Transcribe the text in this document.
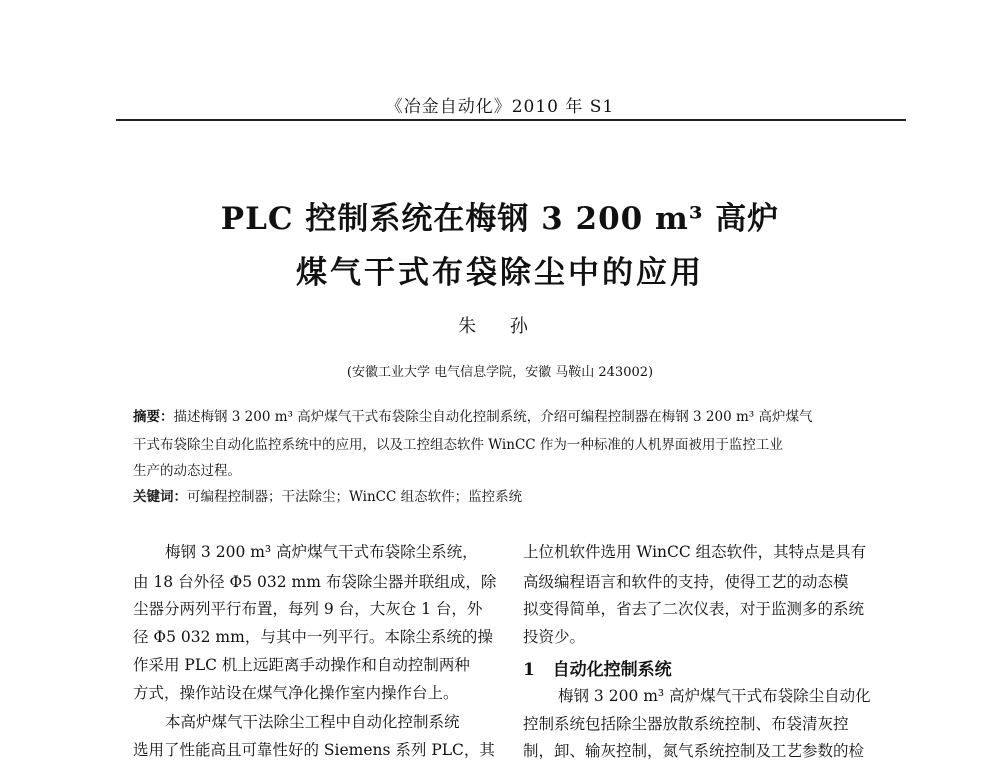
《冶金自动化》2010 年 S1
PLC 控制系统在梅钢 3 200 m³ 高炉
煤气干式布袋除尘中的应用
朱 孙
(安徽工业大学 电气信息学院，安徽 马鞍山 243002)
摘要：描述梅钢 3 200 m³ 高炉煤气干式布袋除尘自动化控制系统，介绍可编程控制器在梅钢 3 200 m³ 高炉煤气
干式布袋除尘自动化监控系统中的应用，以及工控组态软件 WinCC 作为一种标准的人机界面被用于监控工业
生产的动态过程。
关键词：可编程控制器；干法除尘；WinCC 组态软件；监控系统
梅钢 3 200 m³ 高炉煤气干式布袋除尘系统，
由 18 台外径 Φ5 032 mm 布袋除尘器并联组成，除
尘器分两列平行布置，每列 9 台，大灰仓 1 台，外
径 Φ5 032 mm，与其中一列平行。本除尘系统的操
作采用 PLC 机上远距离手动操作和自动控制两种
方式，操作站设在煤气净化操作室内操作台上。
本高炉煤气干法除尘工程中自动化控制系统
选用了性能高且可靠性好的 Siemens 系列 PLC，其
上位机软件选用 WinCC 组态软件，其特点是具有
高级编程语言和软件的支持，使得工艺的动态模
拟变得简单，省去了二次仪表，对于监测多的系统
投资少。
1 自动化控制系统
梅钢 3 200 m³ 高炉煤气干式布袋除尘自动化
控制系统包括除尘器放散系统控制、布袋清灰控
制，卸、输灰控制，氮气系统控制及工艺参数的检
